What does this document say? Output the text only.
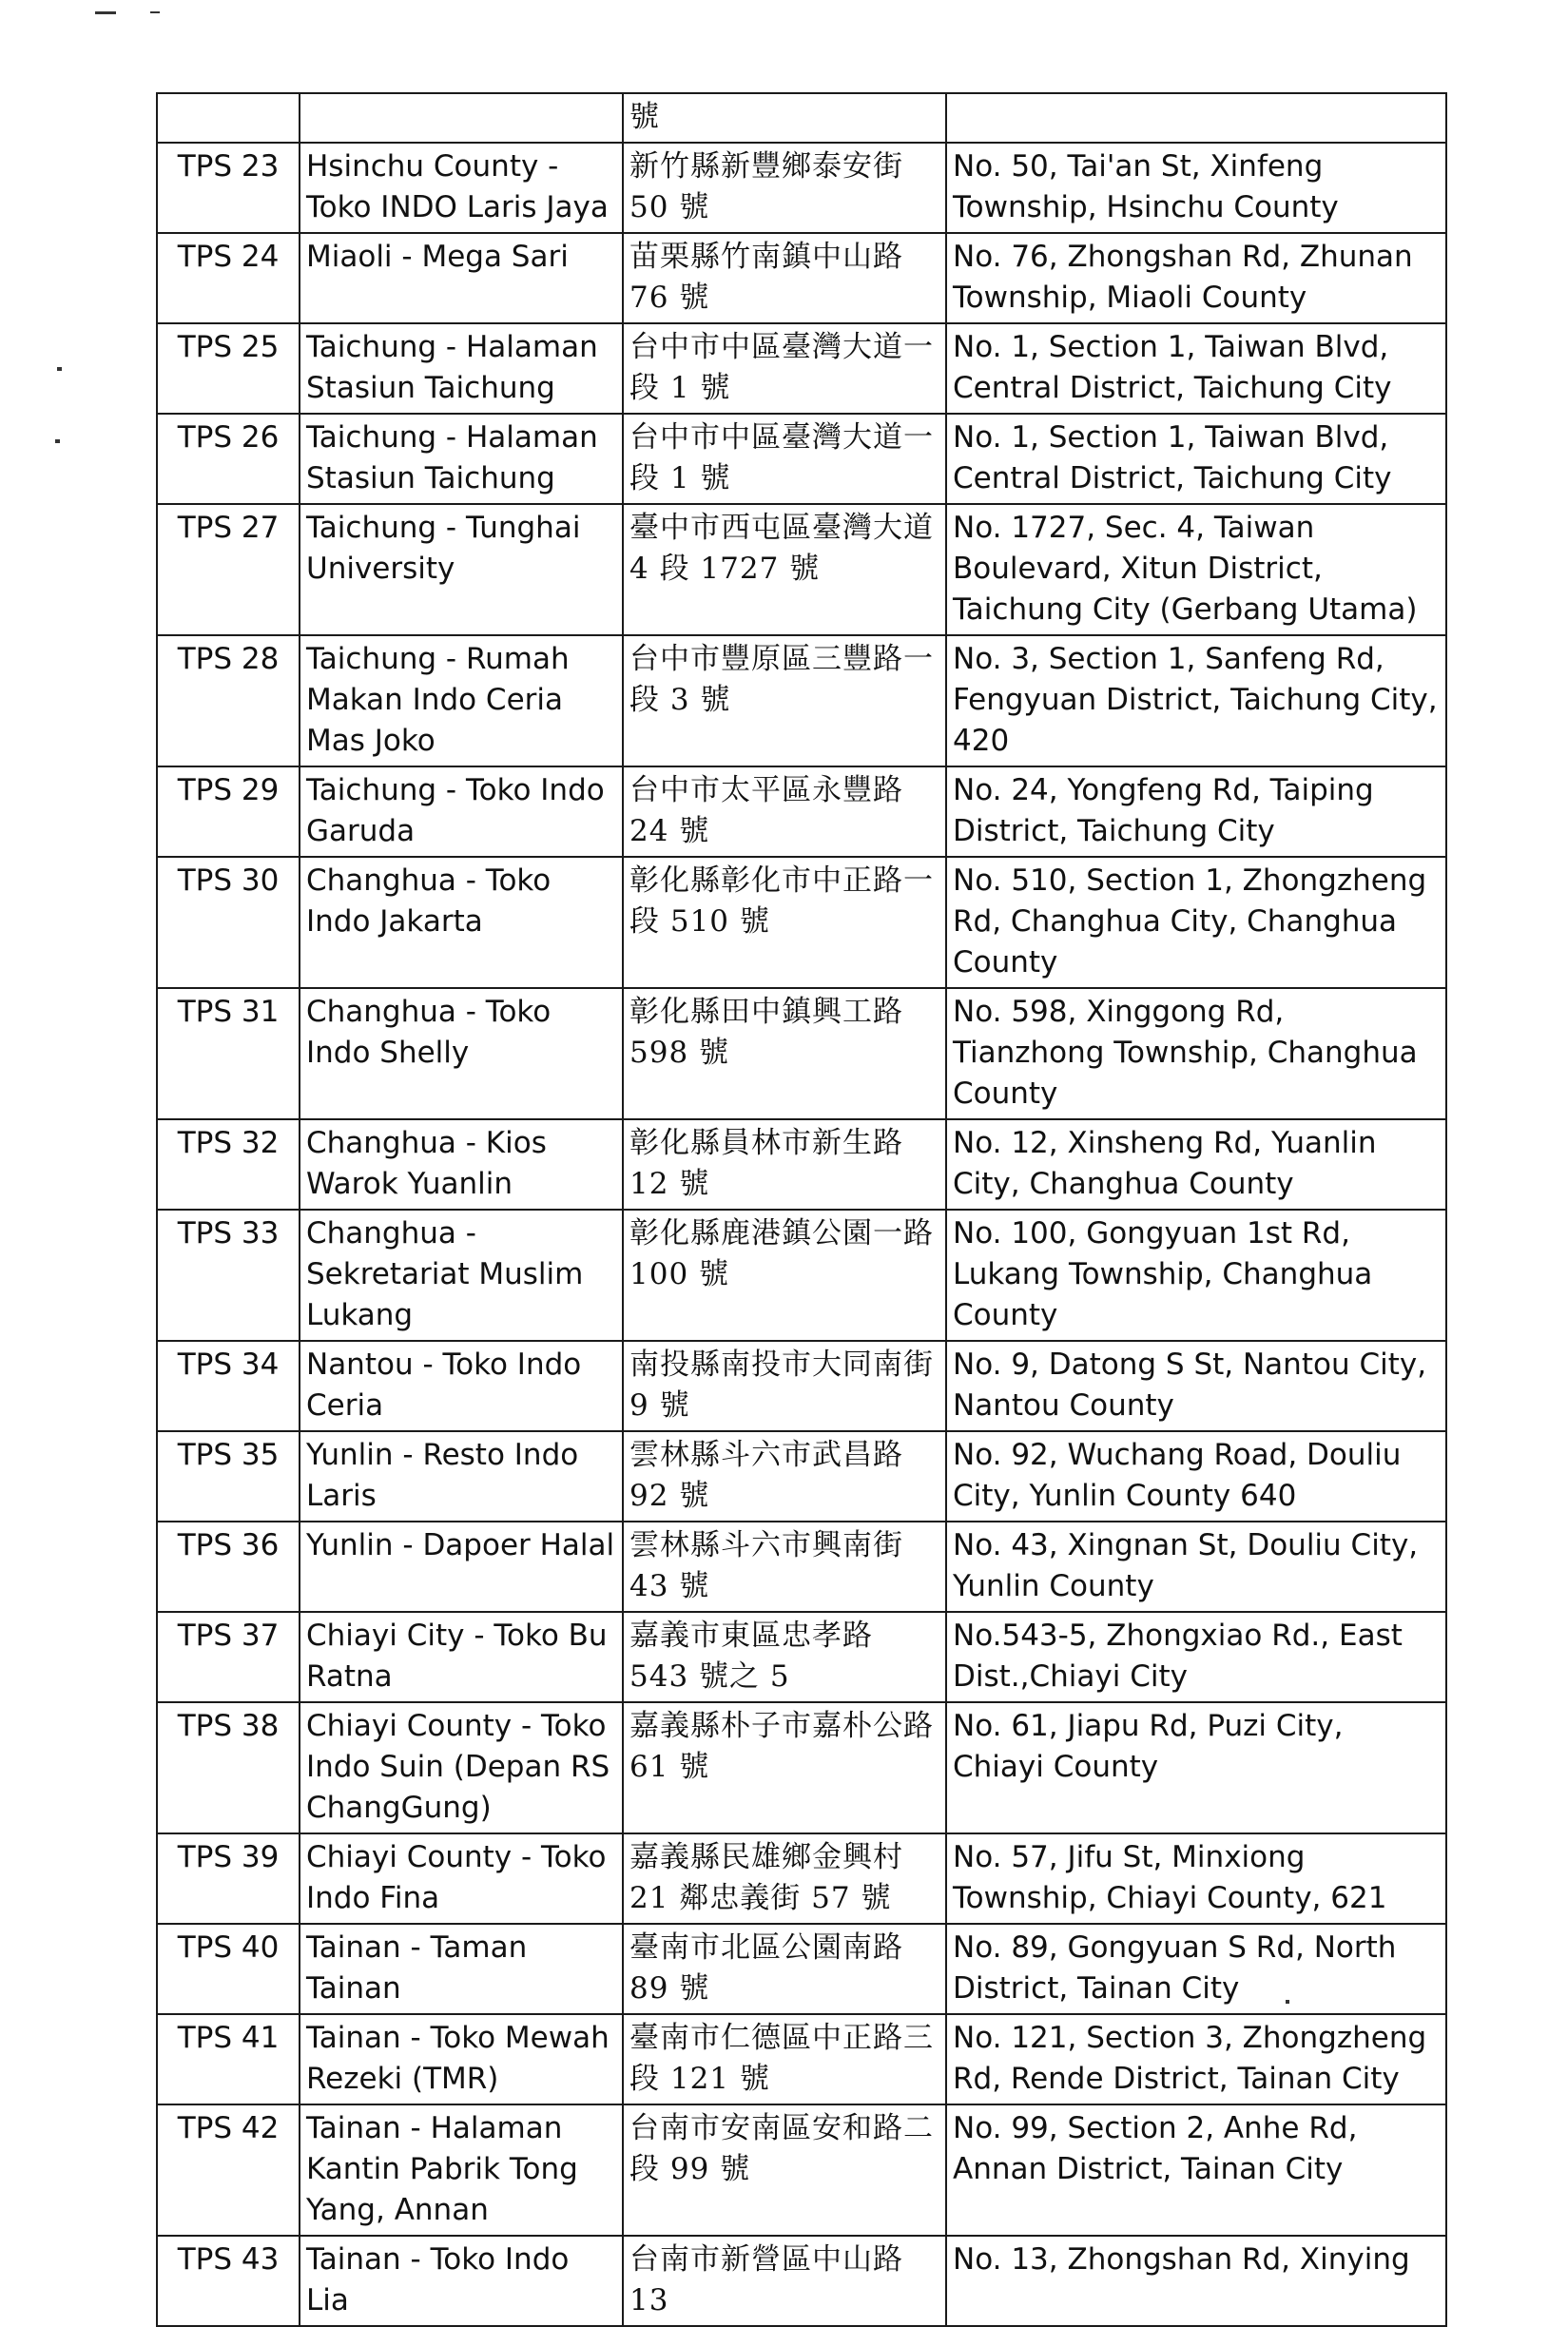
		號	
TPS 23	Hsinchu County - Toko INDO Laris Jaya	新竹縣新豐鄉泰安街 50 號	No. 50, Tai'an St, Xinfeng Township, Hsinchu County
TPS 24	Miaoli - Mega Sari	苗栗縣竹南鎮中山路 76 號	No. 76, Zhongshan Rd, Zhunan Township, Miaoli County
TPS 25	Taichung - Halaman Stasiun Taichung	台中市中區臺灣大道一段 1 號	No. 1, Section 1, Taiwan Blvd, Central District, Taichung City
TPS 26	Taichung - Halaman Stasiun Taichung	台中市中區臺灣大道一段 1 號	No. 1, Section 1, Taiwan Blvd, Central District, Taichung City
TPS 27	Taichung - Tunghai University	臺中市西屯區臺灣大道 4 段 1727 號	No. 1727, Sec. 4, Taiwan Boulevard, Xitun District, Taichung City (Gerbang Utama)
TPS 28	Taichung - Rumah Makan Indo Ceria Mas Joko	台中市豐原區三豐路一段 3 號	No. 3, Section 1, Sanfeng Rd, Fengyuan District, Taichung City, 420
TPS 29	Taichung - Toko Indo Garuda	台中市太平區永豐路 24 號	No. 24, Yongfeng Rd, Taiping District, Taichung City
TPS 30	Changhua - Toko Indo Jakarta	彰化縣彰化市中正路一段 510 號	No. 510, Section 1, Zhongzheng Rd, Changhua City, Changhua County
TPS 31	Changhua - Toko Indo Shelly	彰化縣田中鎮興工路 598 號	No. 598, Xinggong Rd, Tianzhong Township, Changhua County
TPS 32	Changhua - Kios Warok Yuanlin	彰化縣員林市新生路 12 號	No. 12, Xinsheng Rd, Yuanlin City, Changhua County
TPS 33	Changhua - Sekretariat Muslim Lukang	彰化縣鹿港鎮公園一路 100 號	No. 100, Gongyuan 1st Rd, Lukang Township, Changhua County
TPS 34	Nantou - Toko Indo Ceria	南投縣南投市大同南街 9 號	No. 9, Datong S St, Nantou City, Nantou County
TPS 35	Yunlin - Resto Indo Laris	雲林縣斗六市武昌路 92 號	No. 92, Wuchang Road, Douliu City, Yunlin County 640
TPS 36	Yunlin - Dapoer Halal	雲林縣斗六市興南街 43 號	No. 43, Xingnan St, Douliu City, Yunlin County
TPS 37	Chiayi City - Toko Bu Ratna	嘉義市東區忠孝路 543 號之 5	No.543-5, Zhongxiao Rd., East Dist.,Chiayi City
TPS 38	Chiayi County - Toko Indo Suin (Depan RS ChangGung)	嘉義縣朴子市嘉朴公路 61 號	No. 61, Jiapu Rd, Puzi City, Chiayi County
TPS 39	Chiayi County - Toko Indo Fina	嘉義縣民雄鄉金興村 21 鄰忠義街 57 號	No. 57, Jifu St, Minxiong Township, Chiayi County, 621
TPS 40	Tainan - Taman Tainan	臺南市北區公園南路 89 號	No. 89, Gongyuan S Rd, North District, Tainan City
TPS 41	Tainan - Toko Mewah Rezeki (TMR)	臺南市仁德區中正路三段 121 號	No. 121, Section 3, Zhongzheng Rd, Rende District, Tainan City
TPS 42	Tainan - Halaman Kantin Pabrik Tong Yang, Annan	台南市安南區安和路二段 99 號	No. 99, Section 2, Anhe Rd, Annan District, Tainan City
TPS 43	Tainan - Toko Indo Lia	台南市新營區中山路 13	No. 13, Zhongshan Rd, Xinying
